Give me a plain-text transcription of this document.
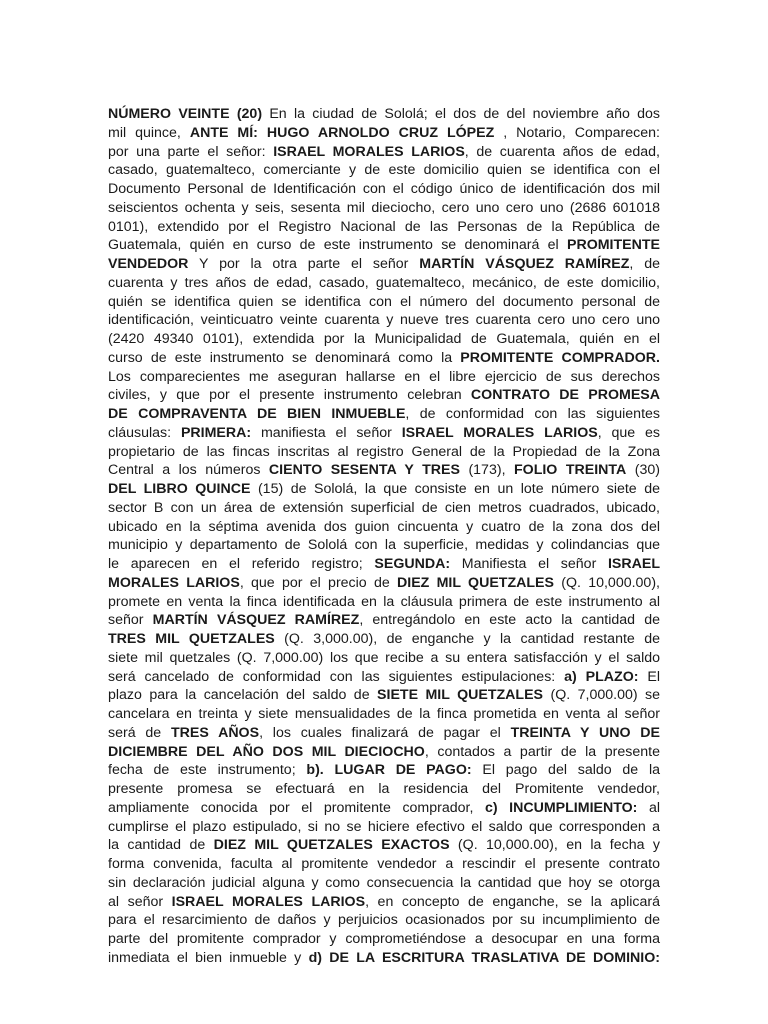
NÚMERO VEINTE (20) En la ciudad de Sololá; el dos de del noviembre año dos
mil quince, ANTE MÍ: HUGO ARNOLDO CRUZ LÓPEZ , Notario, Comparecen:
por una parte el señor: ISRAEL MORALES LARIOS, de cuarenta años de edad,
casado, guatemalteco, comerciante y de este domicilio quien se identifica con el
Documento Personal de Identificación con el código único de identificación dos mil
seiscientos ochenta y seis, sesenta mil dieciocho, cero uno cero uno (2686 601018
0101), extendido por el Registro Nacional de las Personas de la República de
Guatemala, quién en curso de este instrumento se denominará el PROMITENTE
VENDEDOR Y por la otra parte el señor MARTÍN VÁSQUEZ RAMÍREZ, de
cuarenta y tres años de edad, casado, guatemalteco, mecánico, de este domicilio,
quién se identifica quien se identifica con el número del documento personal de
identificación, veinticuatro veinte cuarenta y nueve tres cuarenta cero uno cero uno
(2420 49340 0101), extendida por la Municipalidad de Guatemala, quién en el
curso de este instrumento se denominará como la PROMITENTE COMPRADOR.
Los comparecientes me aseguran hallarse en el libre ejercicio de sus derechos
civiles, y que por el presente instrumento celebran CONTRATO DE PROMESA
DE COMPRAVENTA DE BIEN INMUEBLE, de conformidad con las siguientes
cláusulas: PRIMERA: manifiesta el señor ISRAEL MORALES LARIOS, que es
propietario de las fincas inscritas al registro General de la Propiedad de la Zona
Central a los números CIENTO SESENTA Y TRES (173), FOLIO TREINTA (30)
DEL LIBRO QUINCE (15) de Sololá, la que consiste en un lote número siete de
sector B con un área de extensión superficial de cien metros cuadrados, ubicado,
ubicado en la séptima avenida dos guion cincuenta y cuatro de la zona dos del
municipio y departamento de Sololá con la superficie, medidas y colindancias que
le aparecen en el referido registro; SEGUNDA: Manifiesta el señor ISRAEL
MORALES LARIOS, que por el precio de DIEZ MIL QUETZALES (Q. 10,000.00),
promete en venta la finca identificada en la cláusula primera de este instrumento al
señor MARTÍN VÁSQUEZ RAMÍREZ, entregándolo en este acto la cantidad de
TRES MIL QUETZALES (Q. 3,000.00), de enganche y la cantidad restante de
siete mil quetzales (Q. 7,000.00) los que recibe a su entera satisfacción y el saldo
será cancelado de conformidad con las siguientes estipulaciones: a) PLAZO: El
plazo para la cancelación del saldo de SIETE MIL QUETZALES (Q. 7,000.00) se
cancelara en treinta y siete mensualidades de la finca prometida en venta al señor
será de TRES AÑOS, los cuales finalizará de pagar el TREINTA Y UNO DE
DICIEMBRE DEL AÑO DOS MIL DIECIOCHO, contados a partir de la presente
fecha de este instrumento; b). LUGAR DE PAGO: El pago del saldo de la
presente promesa se efectuará en la residencia del Promitente vendedor,
ampliamente conocida por el promitente comprador, c) INCUMPLIMIENTO: al
cumplirse el plazo estipulado, si no se hiciere efectivo el saldo que corresponden a
la cantidad de DIEZ MIL QUETZALES EXACTOS (Q. 10,000.00), en la fecha y
forma convenida, faculta al promitente vendedor a rescindir el presente contrato
sin declaración judicial alguna y como consecuencia la cantidad que hoy se otorga
al señor ISRAEL MORALES LARIOS, en concepto de enganche, se la aplicará
para el resarcimiento de daños y perjuicios ocasionados por su incumplimiento de
parte del promitente comprador y comprometiéndose a desocupar en una forma
inmediata el bien inmueble y d) DE LA ESCRITURA TRASLATIVA DE DOMINIO:
